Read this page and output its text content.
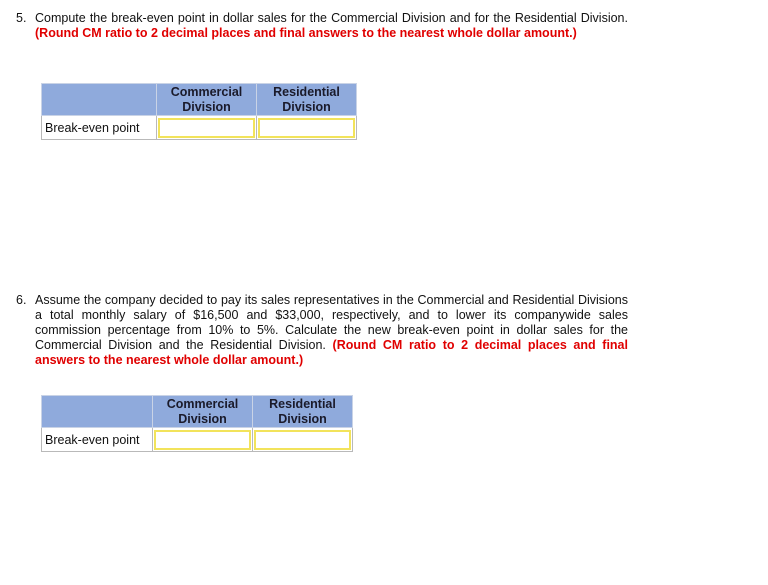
5. Compute the break-even point in dollar sales for the Commercial Division and for the Residential Division. (Round CM ratio to 2 decimal places and final answers to the nearest whole dollar amount.)
	Commercial Division	Residential Division
Break-even point	

6. Assume the company decided to pay its sales representatives in the Commercial and Residential Divisions a total monthly salary of $16,500 and $33,000, respectively, and to lower its companywide sales commission percentage from 10% to 5%. Calculate the new break-even point in dollar sales for the Commercial Division and the Residential Division. (Round CM ratio to 2 decimal places and final answers to the nearest whole dollar amount.)
	Commercial Division	Residential Division
Break-even point	
